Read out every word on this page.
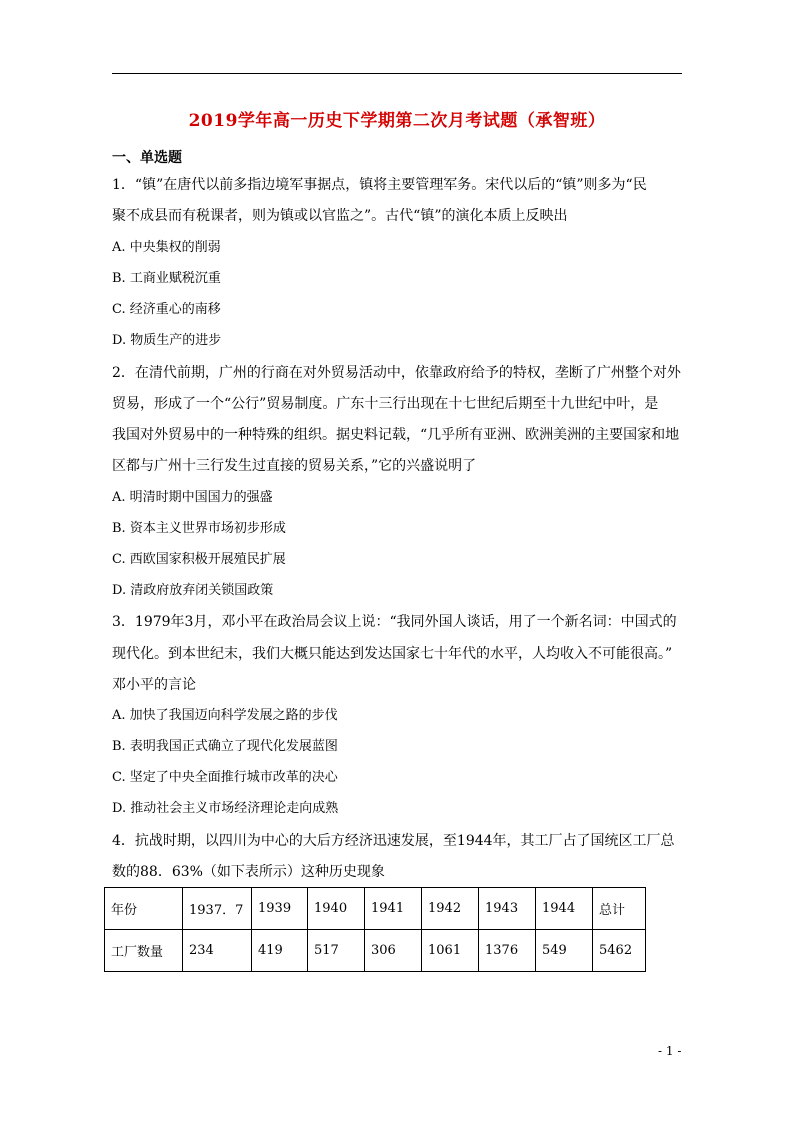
2019学年高一历史下学期第二次月考试题（承智班）
一、单选题
1．“镇”在唐代以前多指边境军事据点，镇将主要管理军务。宋代以后的“镇”则多为“民
聚不成县而有税课者，则为镇或以官监之”。古代“镇”的演化本质上反映出
A. 中央集权的削弱
B. 工商业赋税沉重
C. 经济重心的南移
D. 物质生产的进步
2．在清代前期，广州的行商在对外贸易活动中，依靠政府给予的特权，垄断了广州整个对外
贸易，形成了一个“公行”贸易制度。广东十三行出现在十七世纪后期至十九世纪中叶，是
我国对外贸易中的一种特殊的组织。据史料记载，“几乎所有亚洲、欧洲美洲的主要国家和地
区都与广州十三行发生过直接的贸易关系，”它的兴盛说明了
A. 明清时期中国国力的强盛
B. 资本主义世界市场初步形成
C. 西欧国家积极开展殖民扩展
D. 清政府放弃闭关锁国政策
3．1979年3月，邓小平在政治局会议上说：“我同外国人谈话，用了一个新名词：中国式的
现代化。到本世纪末，我们大概只能达到发达国家七十年代的水平，人均收入不可能很高。”
邓小平的言论
A. 加快了我国迈向科学发展之路的步伐
B. 表明我国正式确立了现代化发展蓝图
C. 坚定了中央全面推行城市改革的决心
D. 推动社会主义市场经济理论走向成熟
4．抗战时期，以四川为中心的大后方经济迅速发展，至1944年，其工厂占了国统区工厂总
数的88．63%（如下表所示）这种历史现象
年份	1937．7	1939	1940	1941	1942	1943	1944	总计
工厂数量	234	419	517	306	1061	1376	549	5462
- 1 -
